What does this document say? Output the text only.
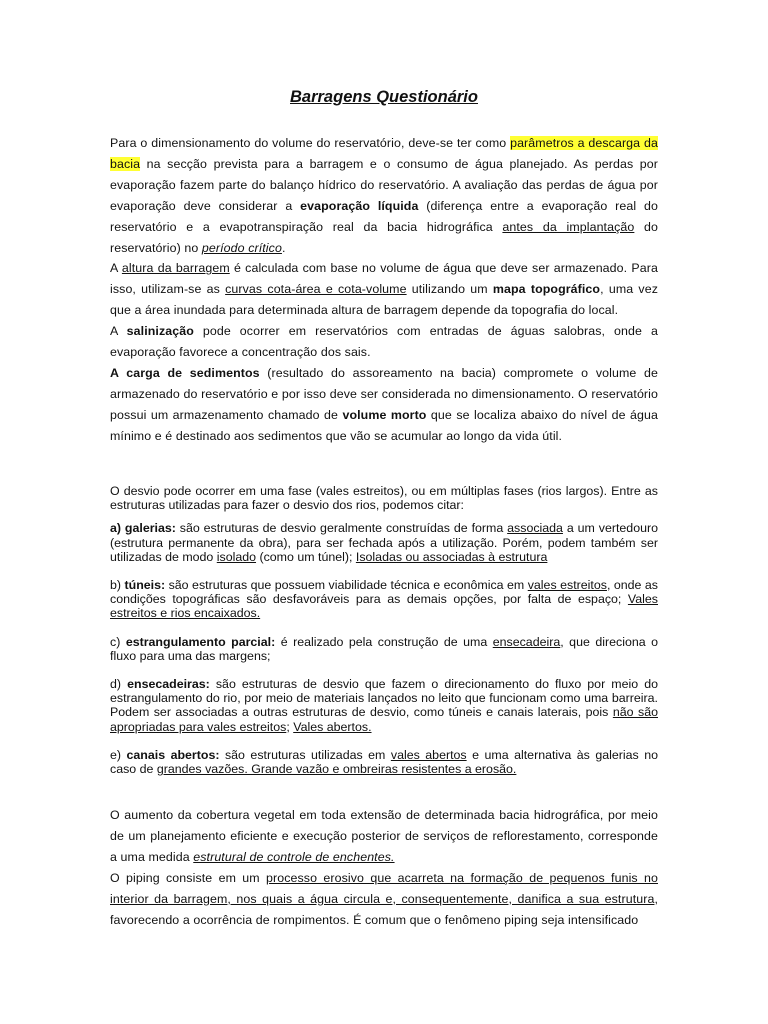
Barragens Questionário

Para o dimensionamento do volume do reservatório, deve-se ter como parâmetros a descarga da bacia na secção prevista para a barragem e o consumo de água planejado. As perdas por evaporação fazem parte do balanço hídrico do reservatório. A avaliação das perdas de água por evaporação deve considerar a evaporação líquida (diferença entre a evaporação real do reservatório e a evapotranspiração real da bacia hidrográfica antes da implantação do reservatório) no período crítico.

A altura da barragem é calculada com base no volume de água que deve ser armazenado. Para isso, utilizam-se as curvas cota-área e cota-volume utilizando um mapa topográfico, uma vez que a área inundada para determinada altura de barragem depende da topografia do local.

A salinização pode ocorrer em reservatórios com entradas de águas salobras, onde a evaporação favorece a concentração dos sais.

A carga de sedimentos (resultado do assoreamento na bacia) compromete o volume de armazenado do reservatório e por isso deve ser considerada no dimensionamento. O reservatório possui um armazenamento chamado de volume morto que se localiza abaixo do nível de água mínimo e é destinado aos sedimentos que vão se acumular ao longo da vida útil.

O desvio pode ocorrer em uma fase (vales estreitos), ou em múltiplas fases (rios largos). Entre as estruturas utilizadas para fazer o desvio dos rios, podemos citar:

a) galerias: são estruturas de desvio geralmente construídas de forma associada a um vertedouro (estrutura permanente da obra), para ser fechada após a utilização. Porém, podem também ser utilizadas de modo isolado (como um túnel); Isoladas ou associadas à estrutura

b) túneis: são estruturas que possuem viabilidade técnica e econômica em vales estreitos, onde as condições topográficas são desfavoráveis para as demais opções, por falta de espaço; Vales estreitos e rios encaixados.

c) estrangulamento parcial: é realizado pela construção de uma ensecadeira, que direciona o fluxo para uma das margens;

d) ensecadeiras: são estruturas de desvio que fazem o direcionamento do fluxo por meio do estrangulamento do rio, por meio de materiais lançados no leito que funcionam como uma barreira. Podem ser associadas a outras estruturas de desvio, como túneis e canais laterais, pois não são apropriadas para vales estreitos; Vales abertos.

e) canais abertos: são estruturas utilizadas em vales abertos e uma alternativa às galerias no caso de grandes vazões. Grande vazão e ombreiras resistentes a erosão.

O aumento da cobertura vegetal em toda extensão de determinada bacia hidrográfica, por meio de um planejamento eficiente e execução posterior de serviços de reflorestamento, corresponde a uma medida estrutural de controle de enchentes.

O piping consiste em um processo erosivo que acarreta na formação de pequenos funis no interior da barragem, nos quais a água circula e, consequentemente, danifica a sua estrutura, favorecendo a ocorrência de rompimentos. É comum que o fenômeno piping seja intensificado
